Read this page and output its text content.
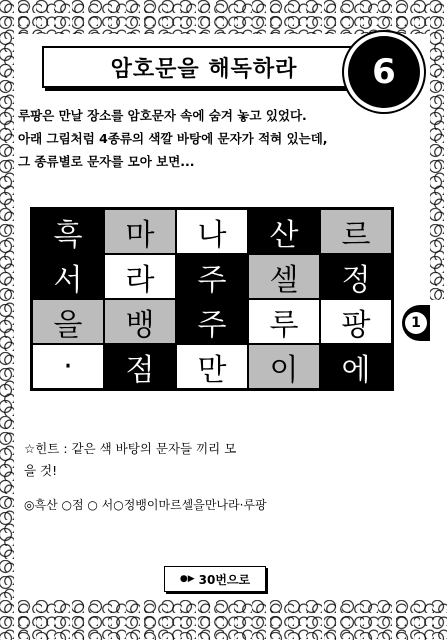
암호문을 해독하라 6

루팡은 만날 장소를 암호문자 속에 숨겨 놓고 있었다.

아래 그림처럼 4종류의 색깔 바탕에 문자가 적혀 있는데,

그 종류별로 문자를 모아 보면...

흑	마	나	산	르
서	라	주	셀	정
을	뱅	주	루	팡
·	점	만	이	에
1

☆힌트 : 같은 색 바탕의 문자들 끼리 모

을 것!

◎흑산 ○점 ○ 서○정뱅이마르셀을만나라·루팡
●▶ 30번으로
